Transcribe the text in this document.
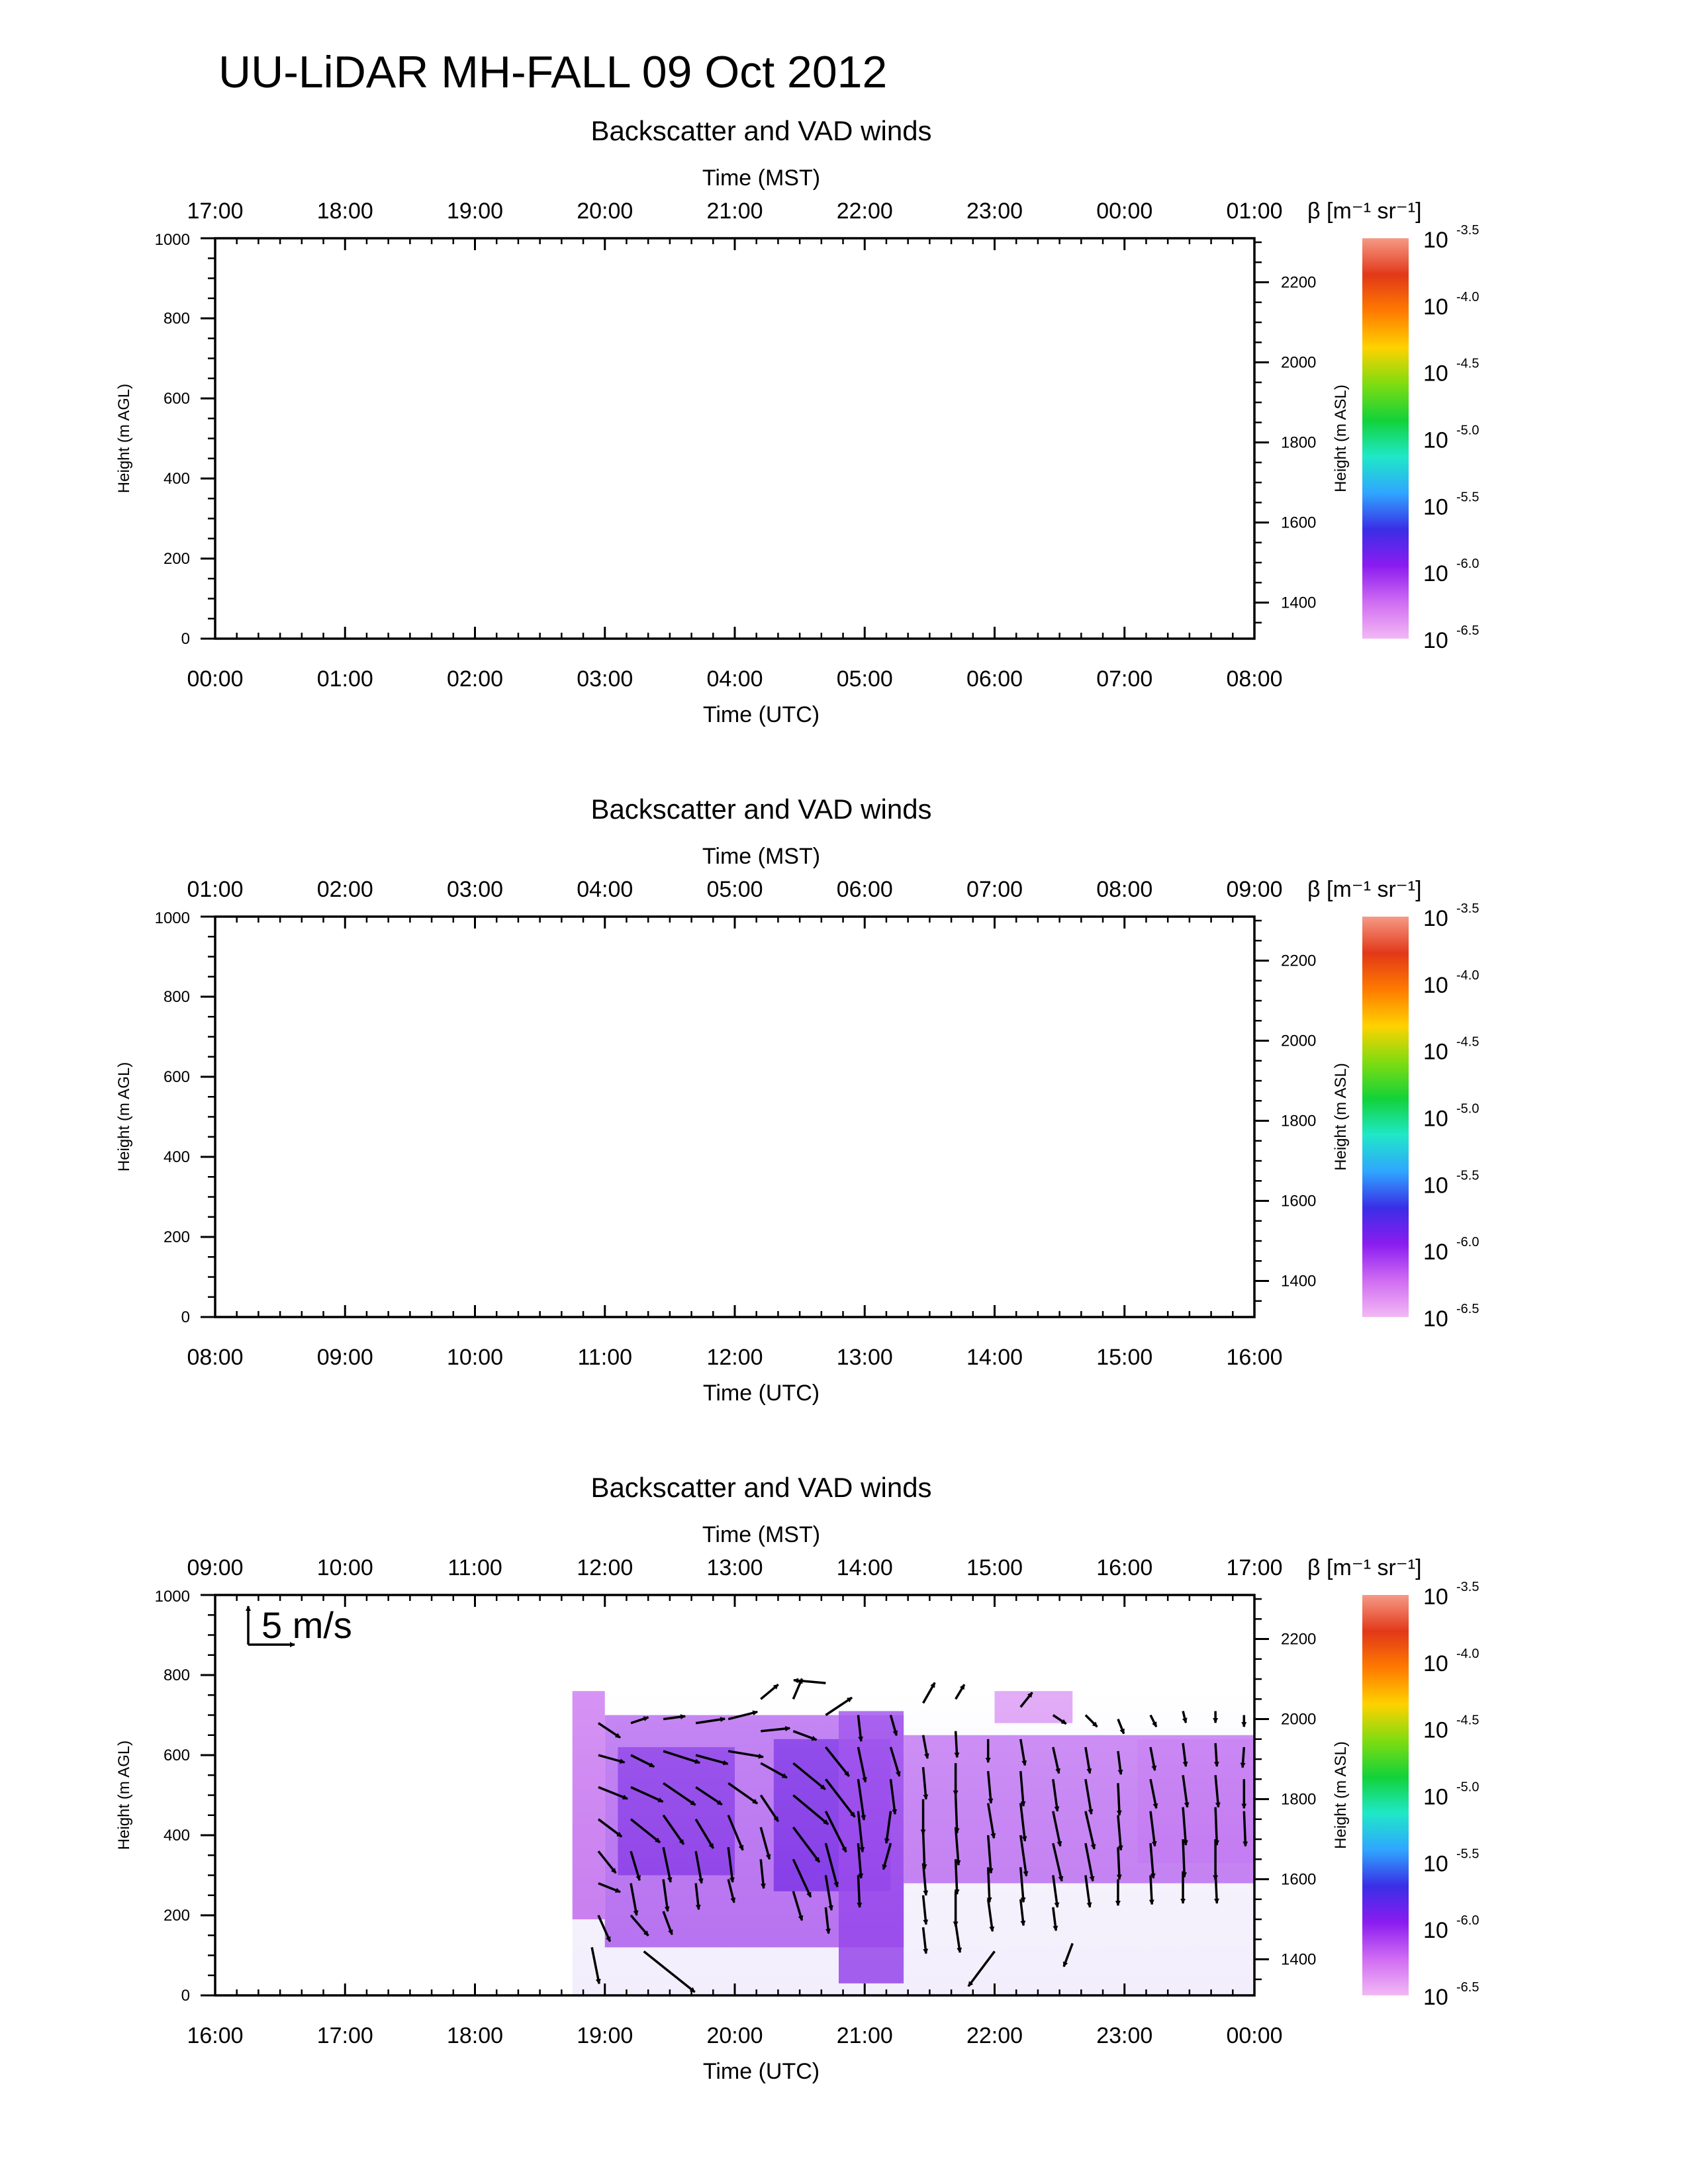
UU-LiDAR MH-FALL 09 Oct 2012
Backscatter and VAD winds
Time (MST)
00:00
17:00
01:00
18:00
02:00
19:00
03:00
20:00
04:00
21:00
05:00
22:00
06:00
23:00
07:00
00:00
08:00
01:00
Time (UTC)
0
200
400
600
800
1000
Height (m AGL)
1400
1600
1800
2000
2200
Height (m ASL)
β [m⁻¹ sr⁻¹]
10 -3.5
10 -4.0
10 -4.5
10 -5.0
10 -5.5
10 -6.0
10 -6.5
Backscatter and VAD winds
Time (MST)
08:00
01:00
09:00
02:00
10:00
03:00
11:00
04:00
12:00
05:00
13:00
06:00
14:00
07:00
15:00
08:00
16:00
09:00
Time (UTC)
0
200
400
600
800
1000
Height (m AGL)
1400
1600
1800
2000
2200
Height (m ASL)
β [m⁻¹ sr⁻¹]
10 -3.5
10 -4.0
10 -4.5
10 -5.0
10 -5.5
10 -6.0
10 -6.5
Backscatter and VAD winds
Time (MST)
5 m/s
16:00
09:00
17:00
10:00
18:00
11:00
19:00
12:00
20:00
13:00
21:00
14:00
22:00
15:00
23:00
16:00
00:00
17:00
Time (UTC)
0
200
400
600
800
1000
Height (m AGL)
1400
1600
1800
2000
2200
Height (m ASL)
β [m⁻¹ sr⁻¹]
10 -3.5
10 -4.0
10 -4.5
10 -5.0
10 -5.5
10 -6.0
10 -6.5
